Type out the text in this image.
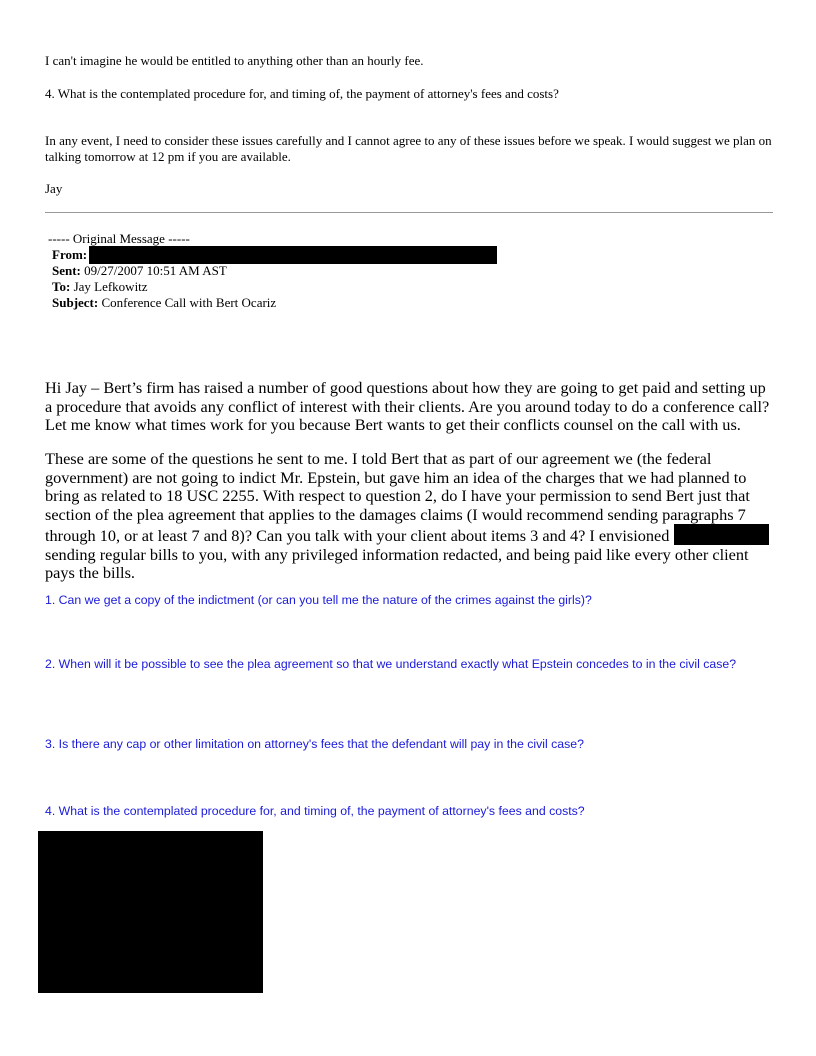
I can't imagine he would be entitled to anything other than an hourly fee.
4. What is the contemplated procedure for, and timing of, the payment of attorney's fees and costs?
In any event, I need to consider these issues carefully and I cannot agree to any of these issues before we speak. I would suggest we plan on talking tomorrow at 12 pm if you are available.
Jay
----- Original Message -----
From:
Sent: 09/27/2007 10:51 AM AST
To: Jay Lefkowitz
Subject: Conference Call with Bert Ocariz
Hi Jay – Bert’s firm has raised a number of good questions about how they are going to get paid and setting up a procedure that avoids any conflict of interest with their clients. Are you around today to do a conference call? Let me know what times work for you because Bert wants to get their conflicts counsel on the call with us.
These are some of the questions he sent to me. I told Bert that as part of our agreement we (the federal government) are not going to indict Mr. Epstein, but gave him an idea of the charges that we had planned to bring as related to 18 USC 2255. With respect to question 2, do I have your permission to send Bert just that section of the plea agreement that applies to the damages claims (I would recommend sending paragraphs 7 through 10, or at least 7 and 8)? Can you talk with your client about items 3 and 4? I envisioned  sending regular bills to you, with any privileged information redacted, and being paid like every other client pays the bills.
1. Can we get a copy of the indictment (or can you tell me the nature of the crimes against the girls)?
2. When will it be possible to see the plea agreement so that we understand exactly what Epstein concedes to in the civil case?
3. Is there any cap or other limitation on attorney's fees that the defendant will pay in the civil case?
4. What is the contemplated procedure for, and timing of, the payment of attorney's fees and costs?
